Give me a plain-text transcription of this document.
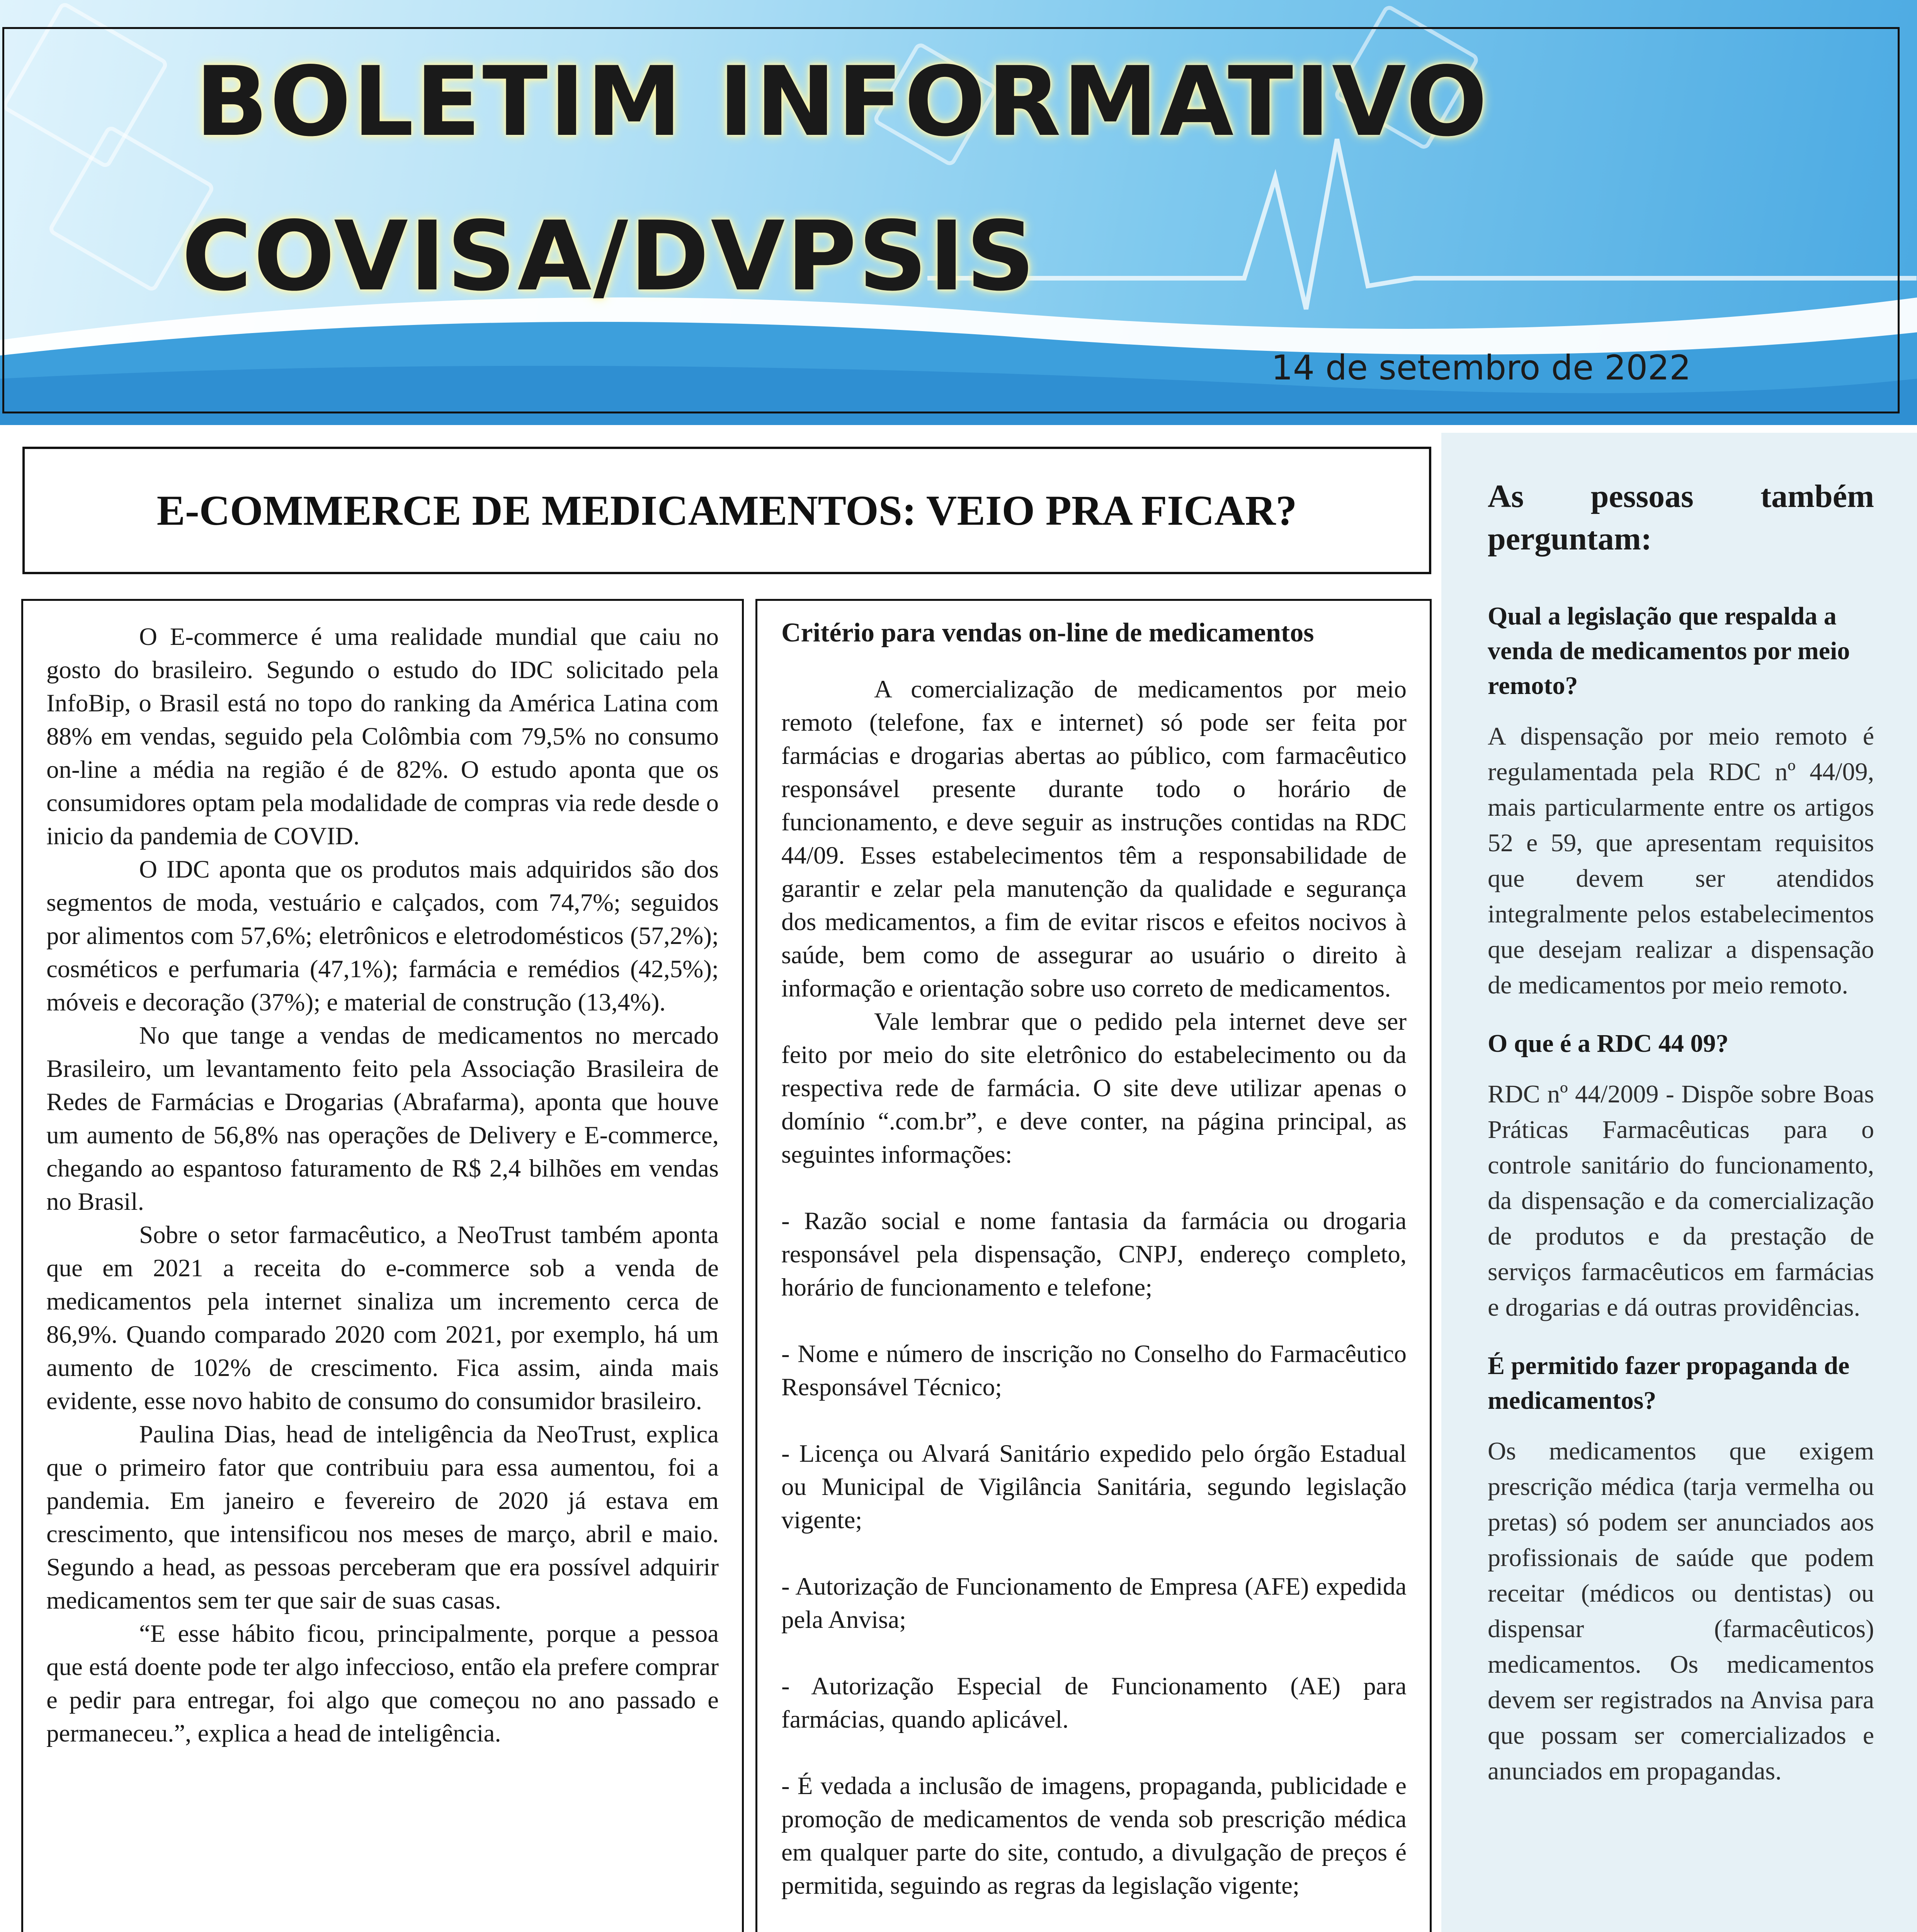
BOLETIM INFORMATIVO
COVISA/DVPSIS
14 de setembro de 2022
E-COMMERCE DE MEDICAMENTOS: VEIO PRA FICAR?

O E-commerce é uma realidade mundial que caiu no gosto do brasileiro. Segundo o estudo do IDC solicitado pela InfoBip, o Brasil está no topo do ranking da América Latina com 88% em vendas, seguido pela Colômbia com 79,5% no consumo on-line a média na região é de 82%. O estudo aponta que os consumidores optam pela modalidade de compras via rede desde o inicio da pandemia de COVID.

O IDC aponta que os produtos mais adquiridos são dos segmentos de moda, vestuário e calçados, com 74,7%; seguidos por alimentos com 57,6%; eletrônicos e eletrodomésticos (57,2%); cosméticos e perfumaria (47,1%); farmácia e remédios (42,5%); móveis e decoração (37%); e material de construção (13,4%).

No que tange a vendas de medicamentos no mercado Brasileiro, um levantamento feito pela Associação Brasileira de Redes de Farmácias e Drogarias (Abrafarma), aponta que houve um aumento de 56,8% nas operações de Delivery e E-commerce, chegando ao espantoso faturamento de R$ 2,4 bilhões em vendas no Brasil.

Sobre o setor farmacêutico, a NeoTrust também aponta que em 2021 a receita do e-commerce sob a venda de medicamentos pela internet sinaliza um incremento cerca de 86,9%. Quando comparado 2020 com 2021, por exemplo, há um aumento de 102% de crescimento. Fica assim, ainda mais evidente, esse novo habito de consumo do consumidor brasileiro.

Paulina Dias, head de inteligência da NeoTrust, explica que o primeiro fator que contribuiu para essa aumentou, foi a pandemia. Em janeiro e fevereiro de 2020 já estava em crescimento, que intensificou nos meses de março, abril e maio. Segundo a head, as pessoas perceberam que era possível adquirir medicamentos sem ter que sair de suas casas.

“E esse hábito ficou, principalmente, porque a pessoa que está doente pode ter algo infeccioso, então ela prefere comprar e pedir para entregar, foi algo que começou no ano passado e permaneceu.”, explica a head de inteligência.

Critério para vendas on-line de medicamentos

A comercialização de medicamentos por meio remoto (telefone, fax e internet) só pode ser feita por farmácias e drogarias abertas ao público, com farmacêutico responsável presente durante todo o horário de funcionamento, e deve seguir as instruções contidas na RDC 44/09. Esses estabelecimentos têm a responsabilidade de garantir e zelar pela manutenção da qualidade e segurança dos medicamentos, a fim de evitar riscos e efeitos nocivos à saúde, bem como de assegurar ao usuário o direito à informação e orientação sobre uso correto de medicamentos.

Vale lembrar que o pedido pela internet deve ser feito por meio do site eletrônico do estabelecimento ou da respectiva rede de farmácia. O site deve utilizar apenas o domínio “.com.br”, e deve conter, na página principal, as seguintes informações:

- Razão social e nome fantasia da farmácia ou drogaria responsável pela dispensação, CNPJ, endereço completo, horário de funcionamento e telefone;

- Nome e número de inscrição no Conselho do Farmacêutico Responsável Técnico;

- Licença ou Alvará Sanitário expedido pelo órgão Estadual ou Municipal de Vigilância Sanitária, segundo legislação vigente;

- Autorização de Funcionamento de Empresa (AFE) expedida pela Anvisa;

- Autorização Especial de Funcionamento (AE) para farmácias, quando aplicável.

- É vedada a inclusão de imagens, propaganda, publicidade e promoção de medicamentos de venda sob prescrição médica em qualquer parte do site, contudo, a divulgação de preços é permitida, seguindo as regras da legislação vigente;

As pessoas também perguntam:

Qual a legislação que respalda a venda de medicamentos por meio remoto?

A dispensação por meio remoto é regulamentada pela RDC nº 44/09, mais particularmente entre os artigos 52 e 59, que apresentam requisitos que devem ser atendidos integralmente pelos estabelecimentos que desejam realizar a dispensação de medicamentos por meio remoto.

O que é a RDC 44 09?

RDC nº 44/2009 - Dispõe sobre Boas Práticas Farmacêuticas para o controle sanitário do funcionamento, da dispensação e da comercialização de produtos e da prestação de serviços farmacêuticos em farmácias e drogarias e dá outras providências.

É permitido fazer propaganda de medicamentos?

Os medicamentos que exigem prescrição médica (tarja vermelha ou pretas) só podem ser anunciados aos profissionais de saúde que podem receitar (médicos ou dentistas) ou dispensar (farmacêuticos) medicamentos. Os medicamentos devem ser registrados na Anvisa para que possam ser comercializados e anunciados em propagandas.
